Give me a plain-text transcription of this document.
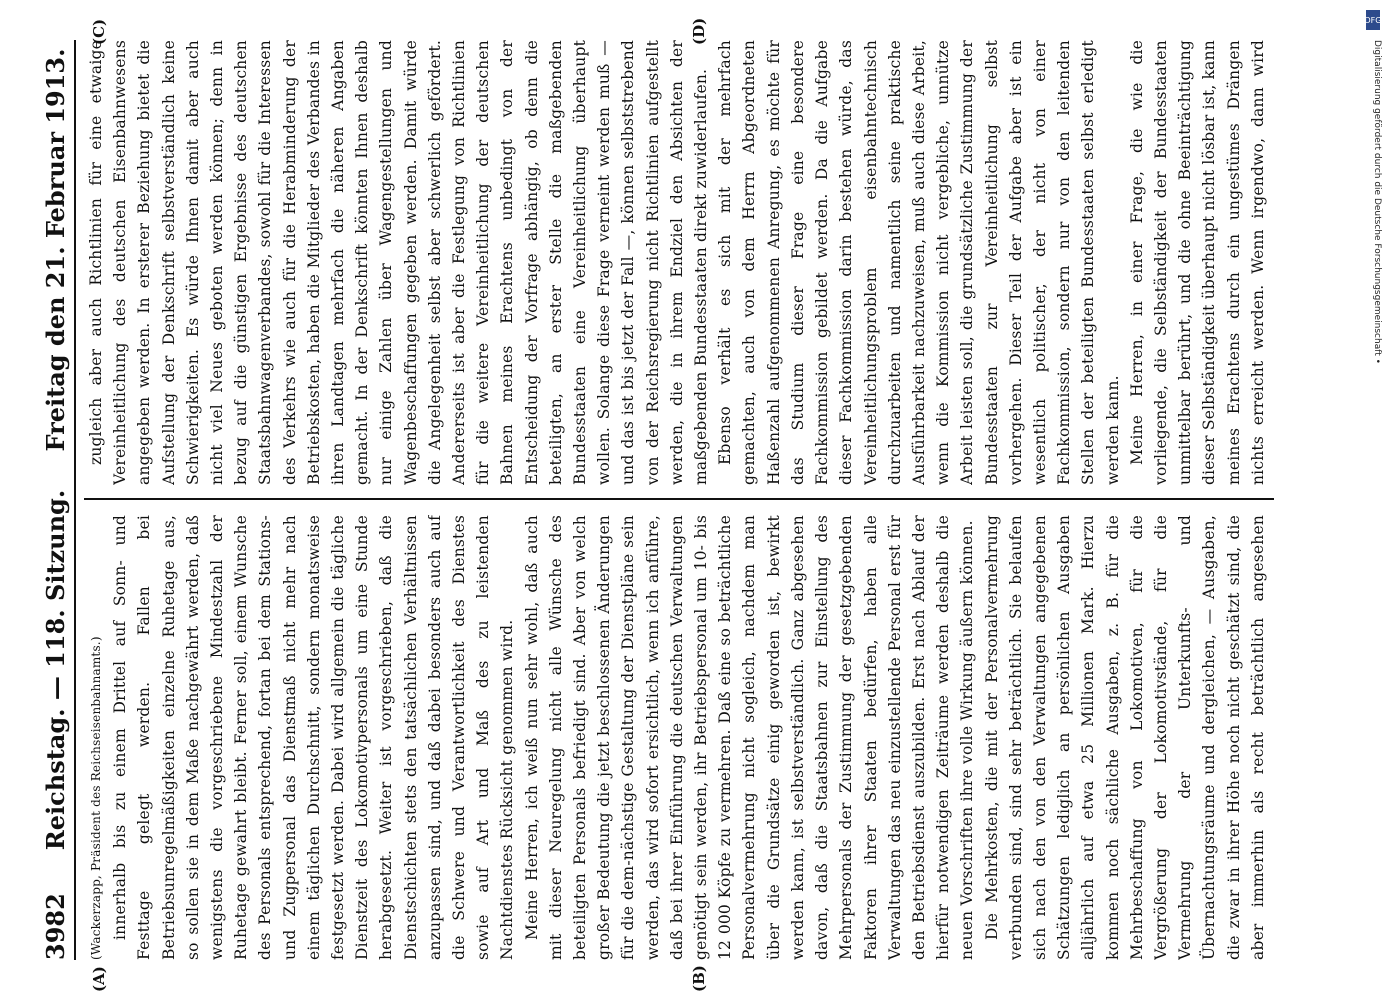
3982
Reichstag. — 118. Sitzung.
Freitag den 21. Februar 1913.
(A)	(B)
(C)	(D)
(Wackerzapp, Präsident des Reichseisenbahnamts.) innerhalb bis zu einem Drittel auf Sonn- und Festtage gelegt werden. Fallen bei Betriebsunregelmäßigkeiten einzelne Ruhetage aus, so sollen sie in dem Maße nachgewährt werden, daß wenigstens die vorgeschriebene Mindestzahl der Ruhetage gewahrt bleibt. Ferner soll, einem Wunsche des Personals entsprechend, fortan bei dem Stations- und Zugpersonal das Dienstmaß nicht mehr nach einem täglichen Durchschnitt, sondern monatsweise festgesetzt werden. Dabei wird allgemein die tägliche Dienstzeit des Lokomotivpersonals um eine Stunde herabgesetzt. Weiter ist vorgeschrieben, daß die Dienstschichten stets den tatsächlichen Verhältnissen anzupassen sind, und daß dabei besonders auch auf die Schwere und Verantwortlichkeit des Dienstes sowie auf Art und Maß des zu leistenden Nachtdienstes Rücksicht genommen wird. Meine Herren, ich weiß nun sehr wohl, daß auch mit dieser Neuregelung nicht alle Wünsche des beteiligten Personals befriedigt sind. Aber von welch großer Bedeutung die jetzt beschlossenen Änderungen für die dem-nächstige Gestaltung der Dienstpläne sein werden, das wird sofort ersichtlich, wenn ich anführe, daß bei ihrer Einführung die deutschen Verwaltungen genötigt sein werden, ihr Betriebspersonal um 10- bis 12 000 Köpfe zu vermehren. Daß eine so beträchtliche Personalvermehrung nicht sogleich, nachdem man über die Grundsätze einig geworden ist, bewirkt werden kann, ist selbstverständlich. Ganz abgesehen davon, daß die Staatsbahnen zur Einstellung des Mehrpersonals der Zustimmung der gesetzgebenden Faktoren ihrer Staaten bedürfen, haben alle Verwaltungen das neu einzustellende Personal erst für den Betriebsdienst auszubilden. Erst nach Ablauf der hierfür notwendigen Zeiträume werden deshalb die neuen Vorschriften ihre volle Wirkung äußern können. Die Mehrkosten, die mit der Personalvermehrung verbunden sind, sind sehr beträchtlich. Sie belaufen sich nach den von den Verwaltungen angegebenen Schätzungen lediglich an persönlichen Ausgaben alljährlich auf etwa 25 Millionen Mark. Hierzu kommen noch sächliche Ausgaben, z. B. für die Mehrbeschaffung von Lokomotiven, für die Vergrößerung der Lokomotivstände, für die Vermehrung der Unterkunfts- und Übernachtungsräume und dergleichen, — Ausgaben, die zwar in ihrer Höhe noch nicht geschätzt sind, die aber immerhin als recht beträchtlich angesehen

zugleich aber auch Richtlinien für eine etwaige Vereinheitlichung des deutschen Eisenbahnwesens angegeben werden. In ersterer Beziehung bietet die Aufstellung der Denkschrift selbstverständlich keine Schwierigkeiten. Es würde Ihnen damit aber auch nicht viel Neues geboten werden können; denn in bezug auf die günstigen Ergebnisse des deutschen Staatsbahnwagenverbandes, sowohl für die Interessen des Verkehrs wie auch für die Herabminderung der Betriebskosten, haben die Mitglieder des Verbandes in ihren Landtagen mehrfach die näheren Angaben gemacht. In der Denkschrift könnten Ihnen deshalb nur einige Zahlen über Wagengestellungen und Wagenbeschaffungen gegeben werden. Damit würde die Angelegenheit selbst aber schwerlich gefördert. Andererseits ist aber die Festlegung von Richtlinien für die weitere Vereinheitlichung der deutschen Bahnen meines Erachtens unbedingt von der Entscheidung der Vorfrage abhängig, ob denn die beteiligten, an erster Stelle die maßgebenden Bundesstaaten eine Vereinheitlichung überhaupt wollen. Solange diese Frage verneint werden muß — und das ist bis jetzt der Fall —, können selbststrebend von der Reichsregierung nicht Richtlinien aufgestellt werden, die in ihrem Endziel den Absichten der maßgebenden Bundesstaaten direkt zuwiderlaufen. Ebenso verhält es sich mit der mehrfach gemachten, auch von dem Herrn Abgeordneten Haßenzahl aufgenommenen Anregung, es möchte für das Studium dieser Frage eine besondere Fachkommission gebildet werden. Da die Aufgabe dieser Fachkommission darin bestehen würde, das Vereinheitlichungsproblem eisenbahntechnisch durchzuarbeiten und namentlich seine praktische Ausführbarkeit nachzuweisen, muß auch diese Arbeit, wenn die Kommission nicht vergebliche, unnütze Arbeit leisten soll, die grundsätzliche Zustimmung der Bundesstaaten zur Vereinheitlichung selbst vorhergehen. Dieser Teil der Aufgabe aber ist ein wesentlich politischer, der nicht von einer Fachkommission, sondern nur von den leitenden Stellen der beteiligten Bundesstaaten selbst erledigt werden kann. Meine Herren, in einer Frage, die wie die vorliegende, die Selbständigkeit der Bundesstaaten unmittelbar berührt, und die ohne Beeinträchtigung dieser Selbständigkeit überhaupt nicht lösbar ist, kann meines Erachtens durch ein ungestümes Drängen nichts erreicht werden. Wenn irgendwo, dann wird

DFG
Digitalisierung gefördert durch die Deutsche Forschungsgemeinschaft •
